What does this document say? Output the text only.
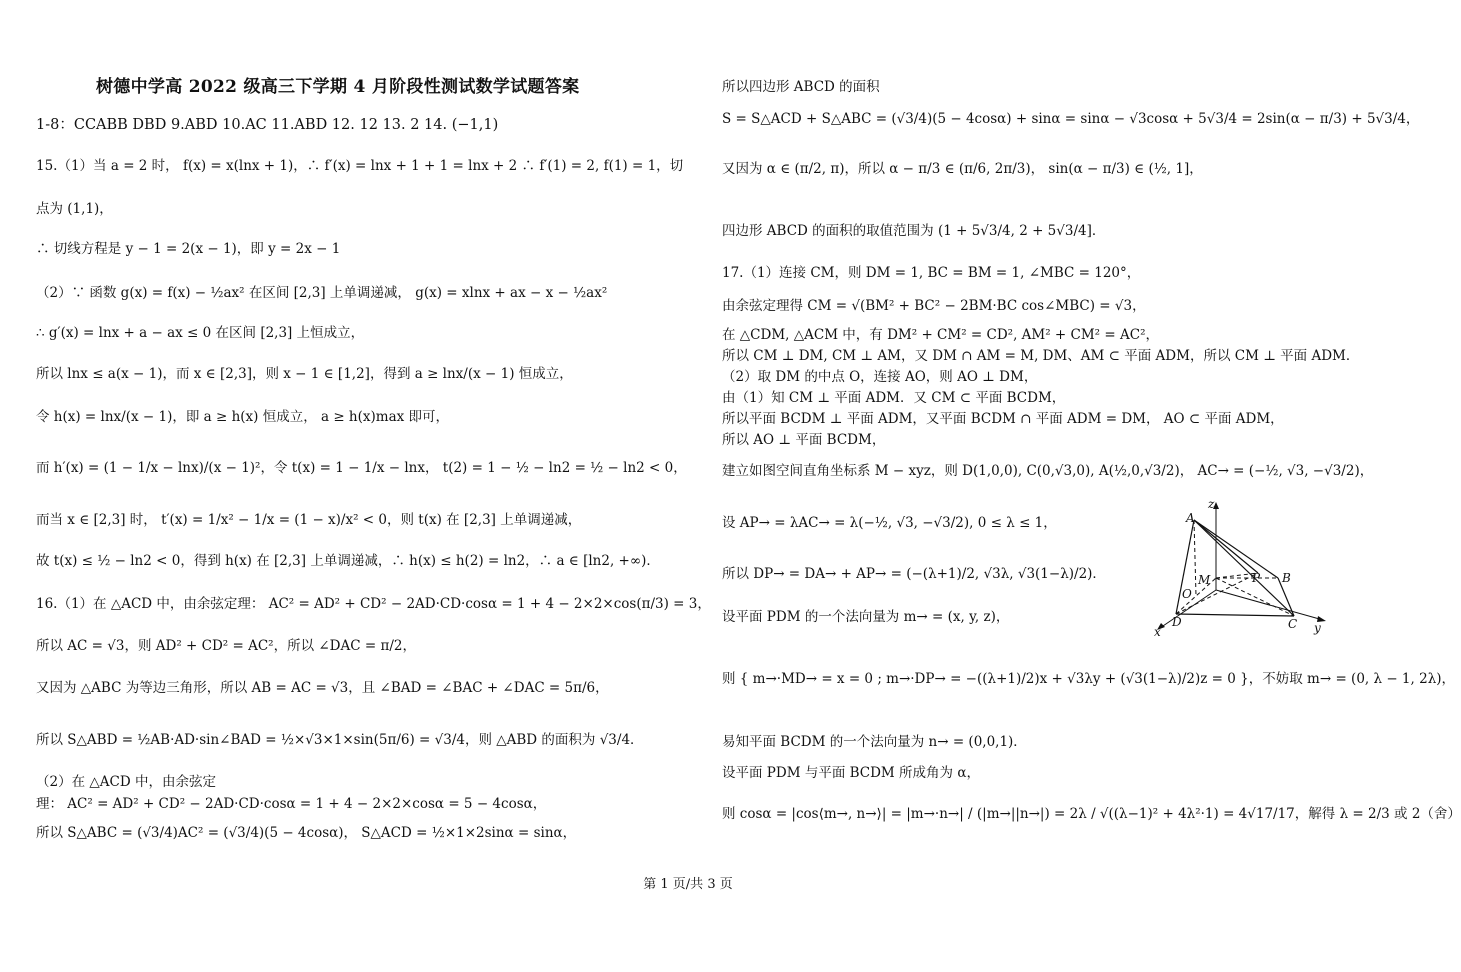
树德中学高 2022 级高三下学期 4 月阶段性测试数学试题答案
1-8：CCABB DBD 9.ABD 10.AC 11.ABD 12. 12 13. 2 14. (−1,1)
15.（1）当 a = 2 时， f(x) = x(lnx + 1)，∴ f′(x) = lnx + 1 + 1 = lnx + 2 ∴ f′(1) = 2, f(1) = 1，切
点为 (1,1)，
∴ 切线方程是 y − 1 = 2(x − 1)，即 y = 2x − 1
（2）∵ 函数 g(x) = f(x) − ½ax² 在区间 [2,3] 上单调递减， g(x) = xlnx + ax − x − ½ax²
∴ g′(x) = lnx + a − ax ≤ 0 在区间 [2,3] 上恒成立，
所以 lnx ≤ a(x − 1)，而 x ∈ [2,3]，则 x − 1 ∈ [1,2]，得到 a ≥ lnx/(x − 1) 恒成立，
令 h(x) = lnx/(x − 1)，即 a ≥ h(x) 恒成立， a ≥ h(x)max 即可，
而 h′(x) = (1 − 1/x − lnx)/(x − 1)²，令 t(x) = 1 − 1/x − lnx， t(2) = 1 − ½ − ln2 = ½ − ln2 < 0，
而当 x ∈ [2,3] 时， t′(x) = 1/x² − 1/x = (1 − x)/x² < 0，则 t(x) 在 [2,3] 上单调递减，
故 t(x) ≤ ½ − ln2 < 0，得到 h(x) 在 [2,3] 上单调递减，∴ h(x) ≤ h(2) = ln2，∴ a ∈ [ln2, +∞)．
16.（1）在 △ACD 中，由余弦定理： AC² = AD² + CD² − 2AD·CD·cosα = 1 + 4 − 2×2×cos(π/3) = 3，
所以 AC = √3，则 AD² + CD² = AC²，所以 ∠DAC = π/2，
又因为 △ABC 为等边三角形，所以 AB = AC = √3，且 ∠BAD = ∠BAC + ∠DAC = 5π/6，
所以 S△ABD = ½AB·AD·sin∠BAD = ½×√3×1×sin(5π/6) = √3/4，则 △ABD 的面积为 √3/4．
（2）在 △ACD 中，由余弦定
理： AC² = AD² + CD² − 2AD·CD·cosα = 1 + 4 − 2×2×cosα = 5 − 4cosα，
所以 S△ABC = (√3/4)AC² = (√3/4)(5 − 4cosα)， S△ACD = ½×1×2sinα = sinα，
所以四边形 ABCD 的面积
S = S△ACD + S△ABC = (√3/4)(5 − 4cosα) + sinα = sinα − √3cosα + 5√3/4 = 2sin(α − π/3) + 5√3/4，
又因为 α ∈ (π/2, π)，所以 α − π/3 ∈ (π/6, 2π/3)， sin(α − π/3) ∈ (½, 1]，
四边形 ABCD 的面积的取值范围为 (1 + 5√3/4, 2 + 5√3/4]．
17.（1）连接 CM，则 DM = 1, BC = BM = 1, ∠MBC = 120°，
由余弦定理得 CM = √(BM² + BC² − 2BM·BC cos∠MBC) = √3，
在 △CDM, △ACM 中，有 DM² + CM² = CD², AM² + CM² = AC²，
所以 CM ⊥ DM, CM ⊥ AM，又 DM ∩ AM = M, DM、AM ⊂ 平面 ADM，所以 CM ⊥ 平面 ADM．
（2）取 DM 的中点 O，连接 AO，则 AO ⊥ DM，
由（1）知 CM ⊥ 平面 ADM．又 CM ⊂ 平面 BCDM，
所以平面 BCDM ⊥ 平面 ADM，又平面 BCDM ∩ 平面 ADM = DM， AO ⊂ 平面 ADM，
所以 AO ⊥ 平面 BCDM，
建立如图空间直角坐标系 M − xyz，则 D(1,0,0), C(0,√3,0), A(½,0,√3/2)， AC→ = (−½, √3, −√3/2)，
设 AP→ = λAC→ = λ(−½, √3, −√3/2), 0 ≤ λ ≤ 1，
所以 DP→ = DA→ + AP→ = (−(λ+1)/2, √3λ, √3(1−λ)/2)．
设平面 PDM 的一个法向量为 m→ = (x, y, z)，
则 { m→·MD→ = x = 0 ; m→·DP→ = −((λ+1)/2)x + √3λy + (√3(1−λ)/2)z = 0 }，不妨取 m→ = (0, λ − 1, 2λ)，
易知平面 BCDM 的一个法向量为 n→ = (0,0,1)．
设平面 PDM 与平面 BCDM 所成角为 α，
则 cosα = |cos⟨m→, n→⟩| = |m→·n→| / (|m→||n→|) = 2λ / √((λ−1)² + 4λ²·1) = 4√17/17，解得 λ = 2/3 或 2（舍）
z
A
M
O
P B
D	C
x	y
第 1 页/共 3 页
